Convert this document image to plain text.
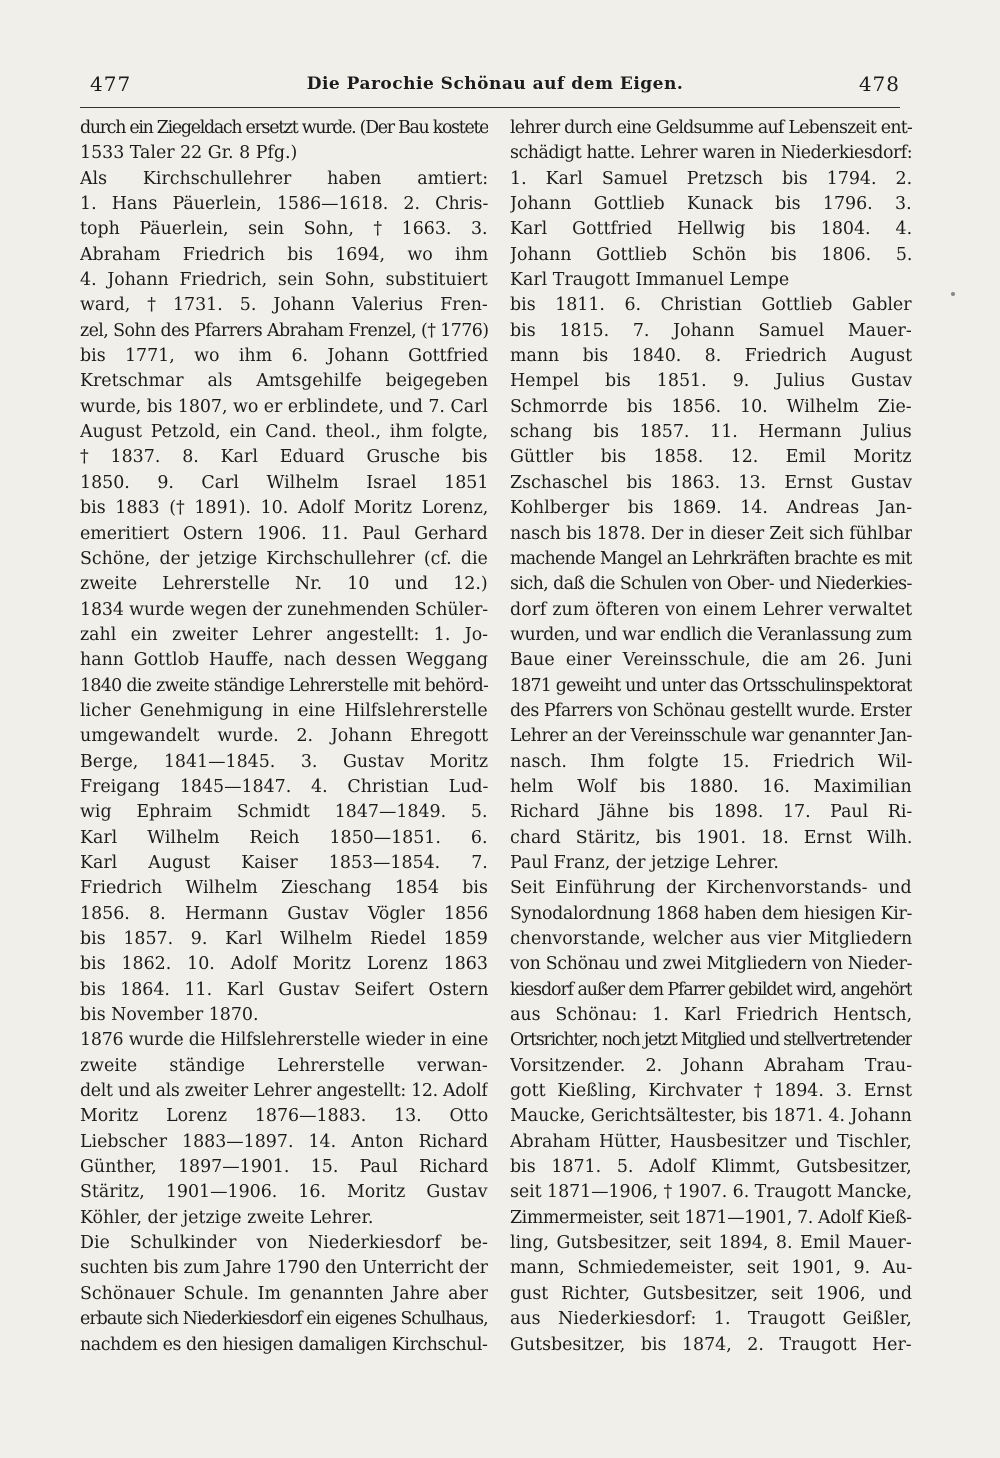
477	Die Parochie Schönau auf dem Eigen.	478
durch ein Ziegeldach ersetzt wurde. (Der Bau kostete
1533 Taler 22 Gr. 8 Pfg.)
Als Kirchschullehrer haben amtiert:
1. Hans Päuerlein, 1586—1618. 2. Chris-
toph Päuerlein, sein Sohn, † 1663. 3.
Abraham Friedrich bis 1694, wo ihm
4. Johann Friedrich, sein Sohn, substituiert
ward, † 1731. 5. Johann Valerius Fren-
zel, Sohn des Pfarrers Abraham Frenzel, († 1776)
bis 1771, wo ihm 6. Johann Gottfried
Kretschmar als Amtsgehilfe beigegeben
wurde, bis 1807, wo er erblindete, und 7. Carl
August Petzold, ein Cand. theol., ihm folgte,
† 1837. 8. Karl Eduard Grusche bis
1850. 9. Carl Wilhelm Israel 1851
bis 1883 († 1891). 10. Adolf Moritz Lorenz,
emeritiert Ostern 1906. 11. Paul Gerhard
Schöne, der jetzige Kirchschullehrer (cf. die
zweite Lehrerstelle Nr. 10 und 12.)
1834 wurde wegen der zunehmenden Schüler-
zahl ein zweiter Lehrer angestellt: 1. Jo-
hann Gottlob Hauffe, nach dessen Weggang
1840 die zweite ständige Lehrerstelle mit behörd-
licher Genehmigung in eine Hilfslehrerstelle
umgewandelt wurde. 2. Johann Ehregott
Berge, 1841—1845. 3. Gustav Moritz
Freigang 1845—1847. 4. Christian Lud-
wig Ephraim Schmidt 1847—1849. 5.
Karl Wilhelm Reich 1850—1851. 6.
Karl August Kaiser 1853—1854. 7.
Friedrich Wilhelm Zieschang 1854 bis
1856. 8. Hermann Gustav Vögler 1856
bis 1857. 9. Karl Wilhelm Riedel 1859
bis 1862. 10. Adolf Moritz Lorenz 1863
bis 1864. 11. Karl Gustav Seifert Ostern
bis November 1870.
1876 wurde die Hilfslehrerstelle wieder in eine
zweite ständige Lehrerstelle verwan-
delt und als zweiter Lehrer angestellt: 12. Adolf
Moritz Lorenz 1876—1883. 13. Otto
Liebscher 1883—1897. 14. Anton Richard
Günther, 1897—1901. 15. Paul Richard
Stäritz, 1901—1906. 16. Moritz Gustav
Köhler, der jetzige zweite Lehrer.
Die Schulkinder von Niederkiesdorf be-
suchten bis zum Jahre 1790 den Unterricht der
Schönauer Schule. Im genannten Jahre aber
erbaute sich Niederkiesdorf ein eigenes Schulhaus,
nachdem es den hiesigen damaligen Kirchschul-
lehrer durch eine Geldsumme auf Lebenszeit ent-
schädigt hatte. Lehrer waren in Niederkiesdorf:
1. Karl Samuel Pretzsch bis 1794. 2.
Johann Gottlieb Kunack bis 1796. 3.
Karl Gottfried Hellwig bis 1804. 4.
Johann Gottlieb Schön bis 1806. 5.
Karl Traugott Immanuel Lempe
bis 1811. 6. Christian Gottlieb Gabler
bis 1815. 7. Johann Samuel Mauer-
mann bis 1840. 8. Friedrich August
Hempel bis 1851. 9. Julius Gustav
Schmorrde bis 1856. 10. Wilhelm Zie-
schang bis 1857. 11. Hermann Julius
Güttler bis 1858. 12. Emil Moritz
Zschaschel bis 1863. 13. Ernst Gustav
Kohlberger bis 1869. 14. Andreas Jan-
nasch bis 1878. Der in dieser Zeit sich fühlbar
machende Mangel an Lehrkräften brachte es mit
sich, daß die Schulen von Ober- und Niederkies-
dorf zum öfteren von einem Lehrer verwaltet
wurden, und war endlich die Veranlassung zum
Baue einer Vereinsschule, die am 26. Juni
1871 geweiht und unter das Ortsschulinspektorat
des Pfarrers von Schönau gestellt wurde. Erster
Lehrer an der Vereinsschule war genannter Jan-
nasch. Ihm folgte 15. Friedrich Wil-
helm Wolf bis 1880. 16. Maximilian
Richard Jähne bis 1898. 17. Paul Ri-
chard Stäritz, bis 1901. 18. Ernst Wilh.
Paul Franz, der jetzige Lehrer.
Seit Einführung der Kirchenvorstands- und
Synodalordnung 1868 haben dem hiesigen Kir-
chenvorstande, welcher aus vier Mitgliedern
von Schönau und zwei Mitgliedern von Nieder-
kiesdorf außer dem Pfarrer gebildet wird, angehört
aus Schönau: 1. Karl Friedrich Hentsch,
Ortsrichter, noch jetzt Mitglied und stellvertretender
Vorsitzender. 2. Johann Abraham Trau-
gott Kießling, Kirchvater † 1894. 3. Ernst
Maucke, Gerichtsältester, bis 1871. 4. Johann
Abraham Hütter, Hausbesitzer und Tischler,
bis 1871. 5. Adolf Klimmt, Gutsbesitzer,
seit 1871—1906, † 1907. 6. Traugott Mancke,
Zimmermeister, seit 1871—1901, 7. Adolf Kieß-
ling, Gutsbesitzer, seit 1894, 8. Emil Mauer-
mann, Schmiedemeister, seit 1901, 9. Au-
gust Richter, Gutsbesitzer, seit 1906, und
aus Niederkiesdorf: 1. Traugott Geißler,
Gutsbesitzer, bis 1874, 2. Traugott Her-
